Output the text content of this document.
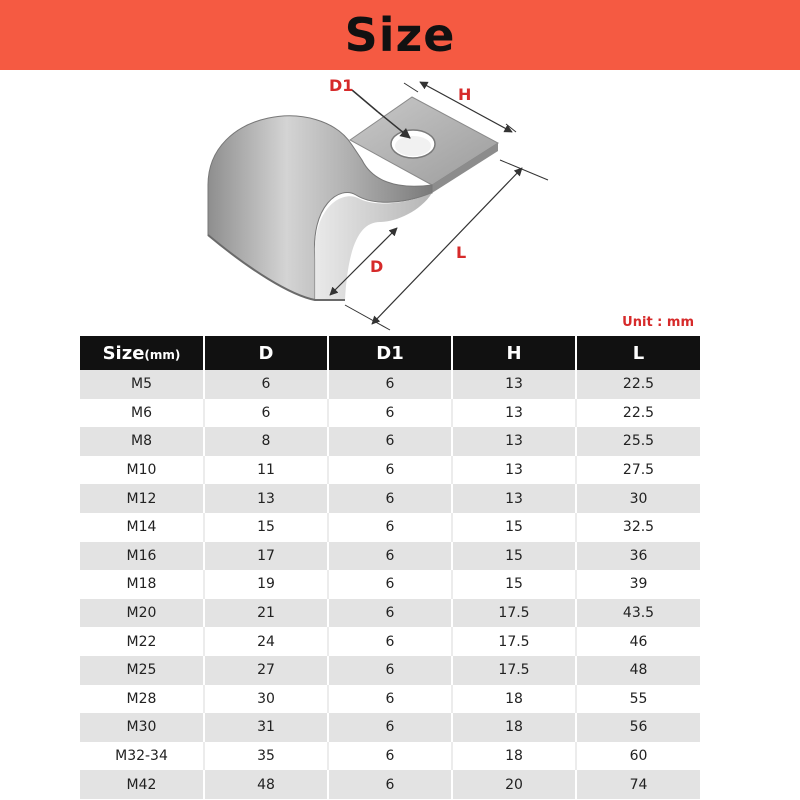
Size
D1	H
L
D
Unit : mm
Size(mm)	D	D1	H	L
M5	6	6	13	22.5
M6	6	6	13	22.5
M8	8	6	13	25.5
M10	11	6	13	27.5
M12	13	6	13	30
M14	15	6	15	32.5
M16	17	6	15	36
M18	19	6	15	39
M20	21	6	17.5	43.5
M22	24	6	17.5	46
M25	27	6	17.5	48
M28	30	6	18	55
M30	31	6	18	56
M32-34	35	6	18	60
M42	48	6	20	74
